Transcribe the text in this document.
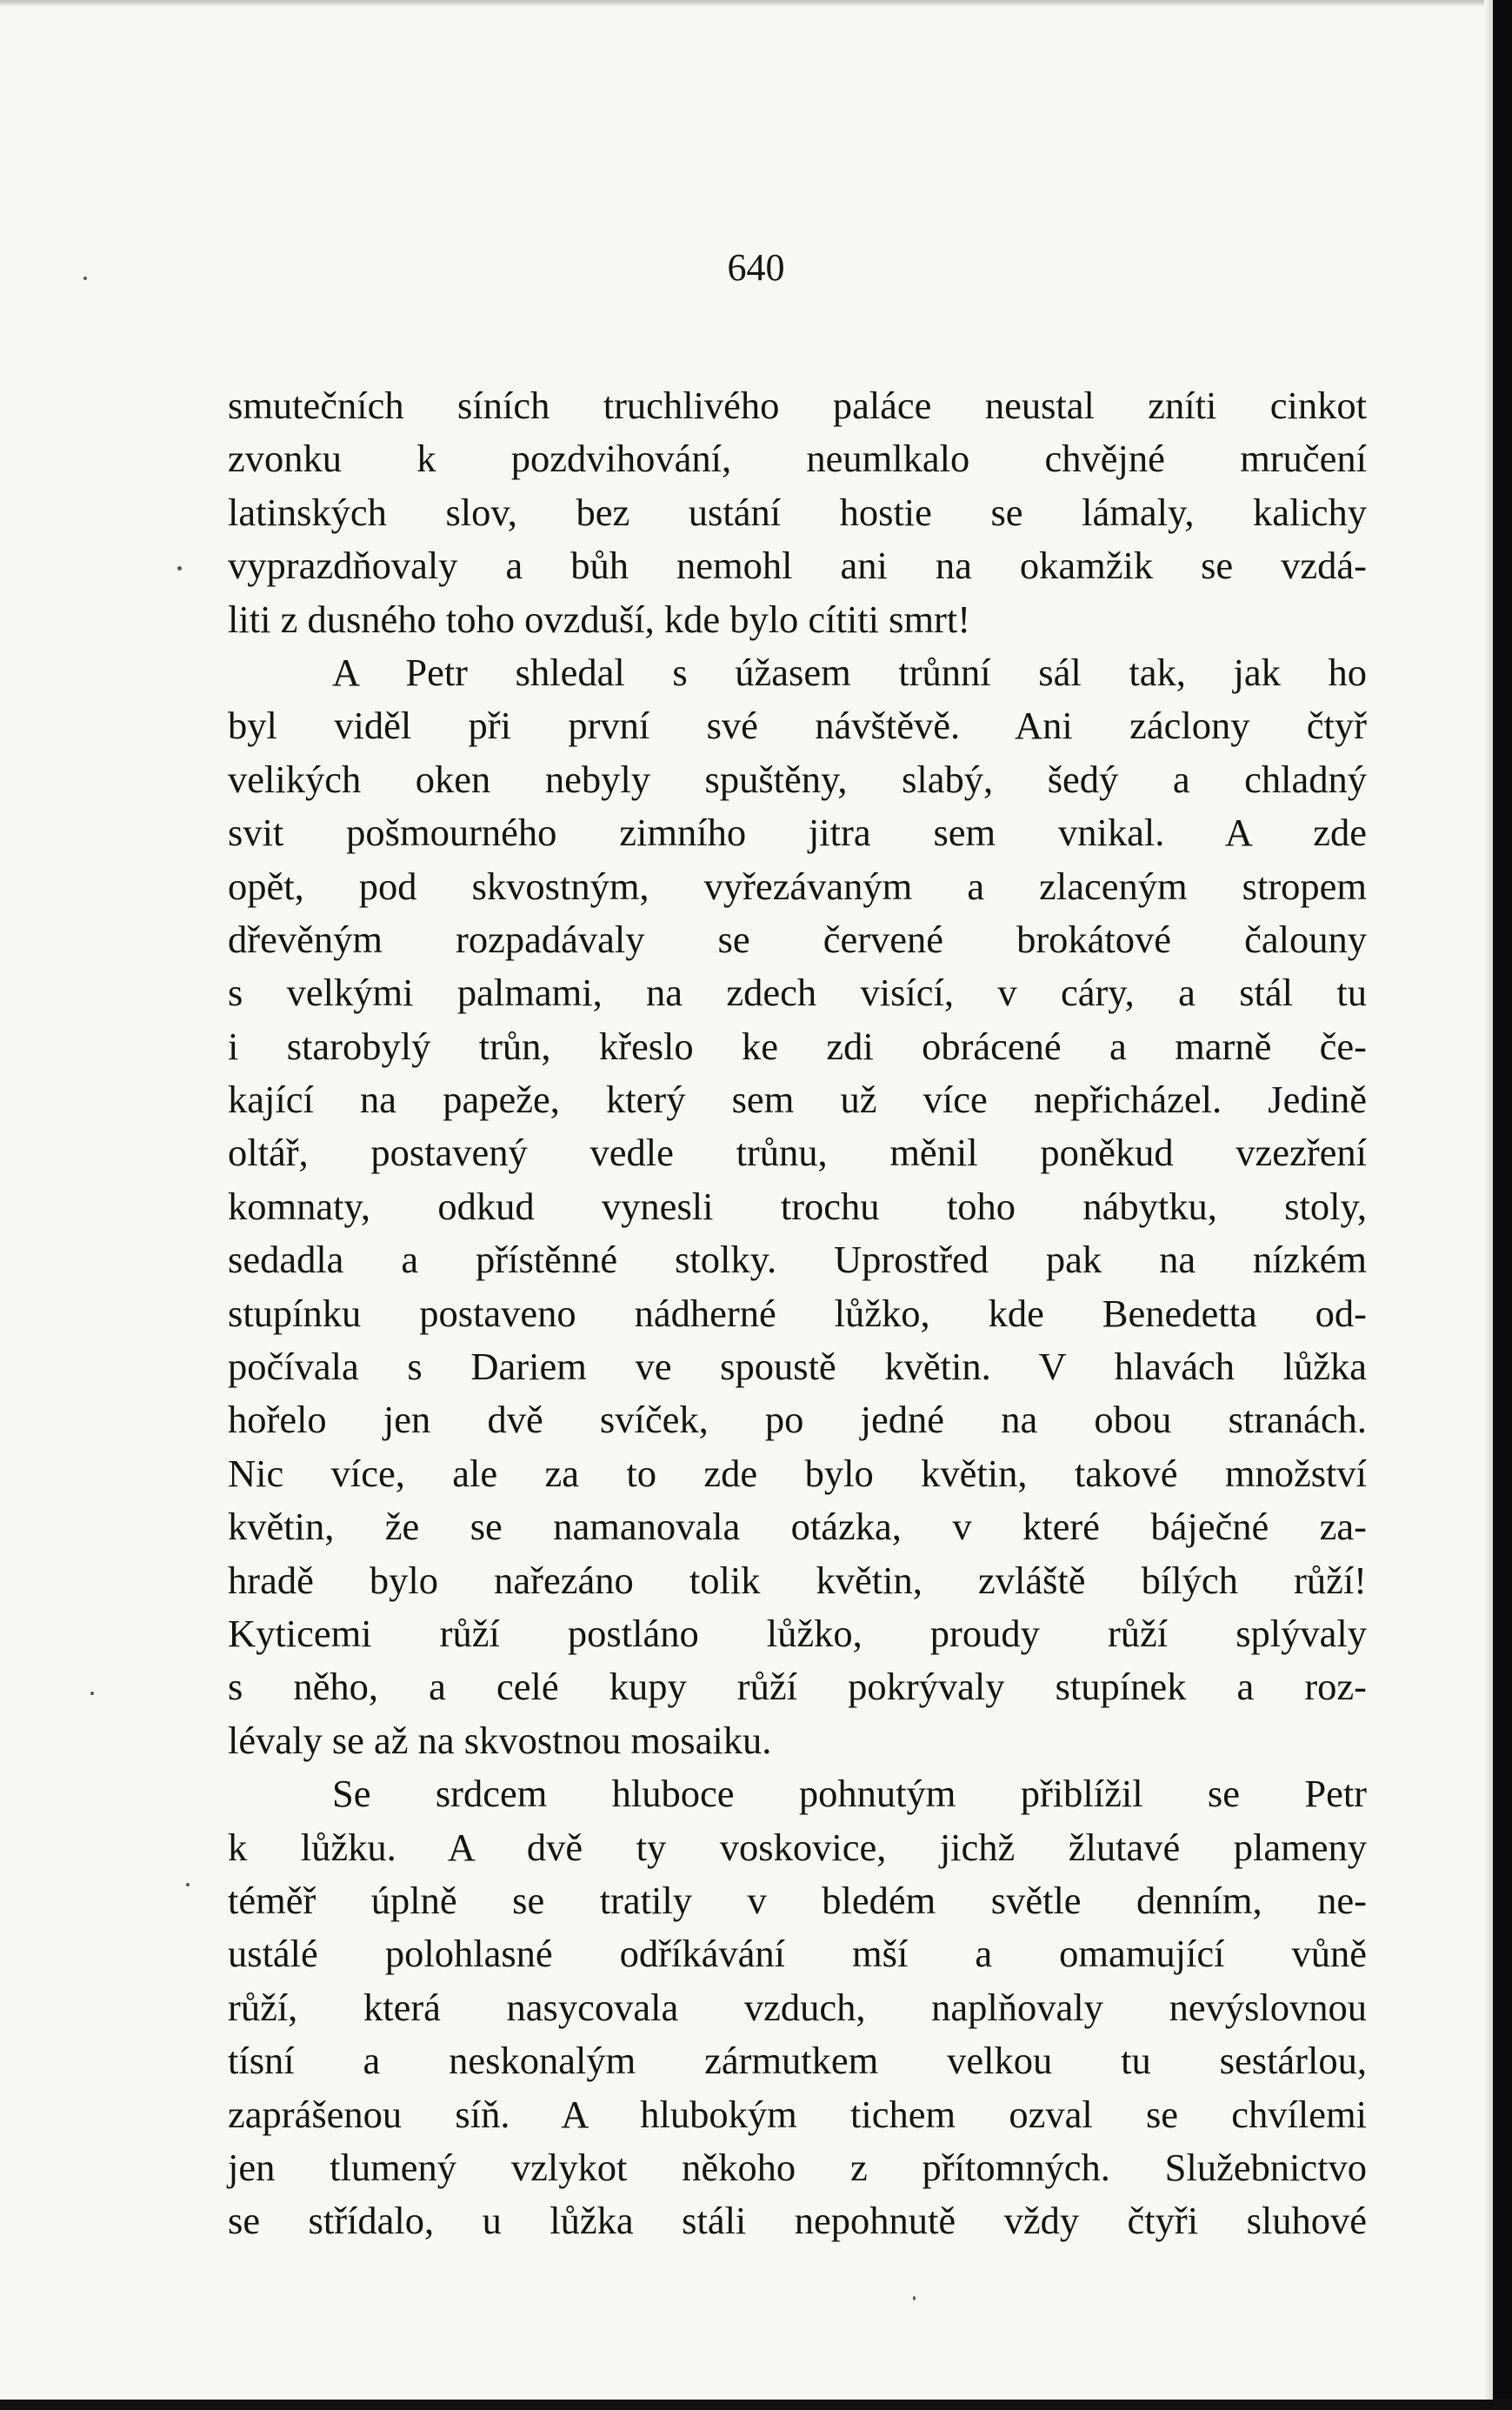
640
smutečních síních truchlivého paláce neustal zníti cinkot
zvonku k pozdvihování, neumlkalo chvějné mručení
latinských slov, bez ustání hostie se lámaly, kalichy
vyprazdňovaly a bůh nemohl ani na okamžik se vzdá-
liti z dusného toho ovzduší, kde bylo cítiti smrt!
A Petr shledal s úžasem trůnní sál tak, jak ho
byl viděl při první své návštěvě. Ani záclony čtyř
velikých oken nebyly spuštěny, slabý, šedý a chladný
svit pošmourného zimního jitra sem vnikal. A zde
opět, pod skvostným, vyřezávaným a zlaceným stropem
dřevěným rozpadávaly se červené brokátové čalouny
s velkými palmami, na zdech visící, v cáry, a stál tu
i starobylý trůn, křeslo ke zdi obrácené a marně če-
kající na papeže, který sem už více nepřicházel. Jedině
oltář, postavený vedle trůnu, měnil poněkud vzezření
komnaty, odkud vynesli trochu toho nábytku, stoly,
sedadla a přístěnné stolky. Uprostřed pak na nízkém
stupínku postaveno nádherné lůžko, kde Benedetta od-
počívala s Dariem ve spoustě květin. V hlavách lůžka
hořelo jen dvě svíček, po jedné na obou stranách.
Nic více, ale za to zde bylo květin, takové množství
květin, že se namanovala otázka, v které báječné za-
hradě bylo nařezáno tolik květin, zvláště bílých růží!
Kyticemi růží postláno lůžko, proudy růží splývaly
s něho, a celé kupy růží pokrývaly stupínek a roz-
lévaly se až na skvostnou mosaiku.
Se srdcem hluboce pohnutým přiblížil se Petr
k lůžku. A dvě ty voskovice, jichž žlutavé plameny
téměř úplně se tratily v bledém světle denním, ne-
ustálé polohlasné odříkávání mší a omamující vůně
růží, která nasycovala vzduch, naplňovaly nevýslovnou
tísní a neskonalým zármutkem velkou tu sestárlou,
zaprášenou síň. A hlubokým tichem ozval se chvílemi
jen tlumený vzlykot někoho z přítomných. Služebnictvo
se střídalo, u lůžka stáli nepohnutě vždy čtyři sluhové
